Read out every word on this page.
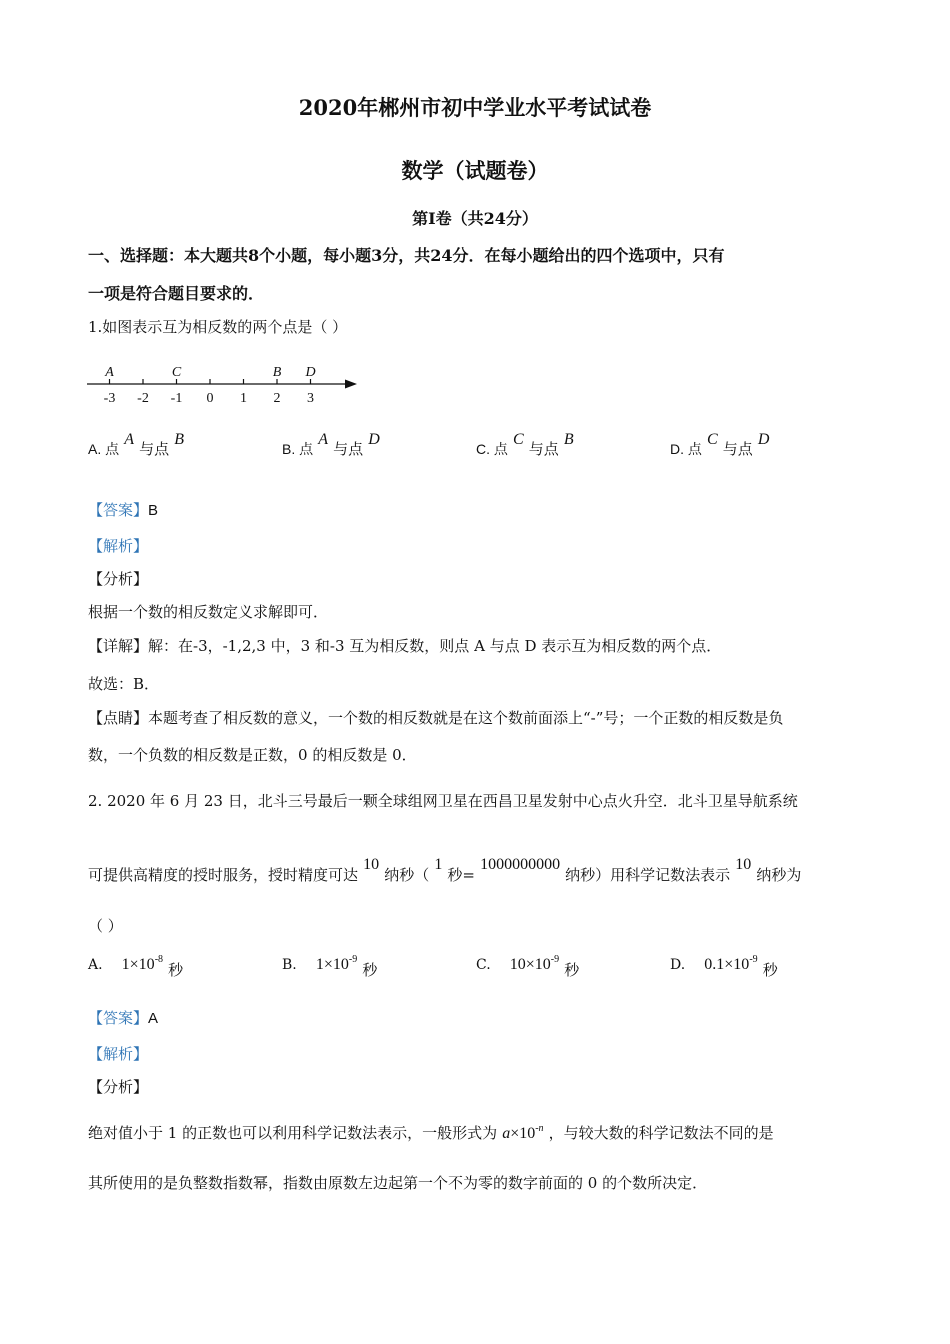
2020年郴州市初中学业水平考试试卷
数学（试题卷）
第Ⅰ卷（共24分）
一、选择题：本大题共8个小题，每小题3分，共24分．在每小题给出的四个选项中，只有
一项是符合题目要求的．
1.如图表示互为相反数的两个点是（ ）
-3 -2 -1 0 1 2 3
A	C	B D
A. 点 A 与点 B
B. 点 A 与点 D
C. 点 C 与点 B
D. 点 C 与点 D
【答案】B
【解析】
【分析】
根据一个数的相反数定义求解即可．
【详解】解：在-3，-1,2,3 中，3 和-3 互为相反数，则点 A 与点 D 表示互为相反数的两个点．
故选：B．
【点睛】本题考查了相反数的意义，一个数的相反数就是在这个数前面添上“-”号；一个正数的相反数是负
数，一个负数的相反数是正数，0 的相反数是 0．
2. 2020 年 6 月 23 日，北斗三号最后一颗全球组网卫星在西昌卫星发射中心点火升空．北斗卫星导航系统
可提供高精度的授时服务，授时精度可达 10 纳秒（ 1 秒= 1000000000 纳秒）用科学记数法表示 10 纳秒为
（ ）
A. $1\times 10^{-8}$ 秒	B. $1\times 10^{-9}$ 秒	C. $10\times 10^{-9}$ 秒	D. $0.1\times 10^{-9}$ 秒
【答案】A
【解析】
【分析】
绝对值小于 1 的正数也可以利用科学记数法表示，一般形式为 $a\times 10^{-n}$ ，与较大数的科学记数法不同的是
其所使用的是负整数指数幂，指数由原数左边起第一个不为零的数字前面的 0 的个数所决定．
